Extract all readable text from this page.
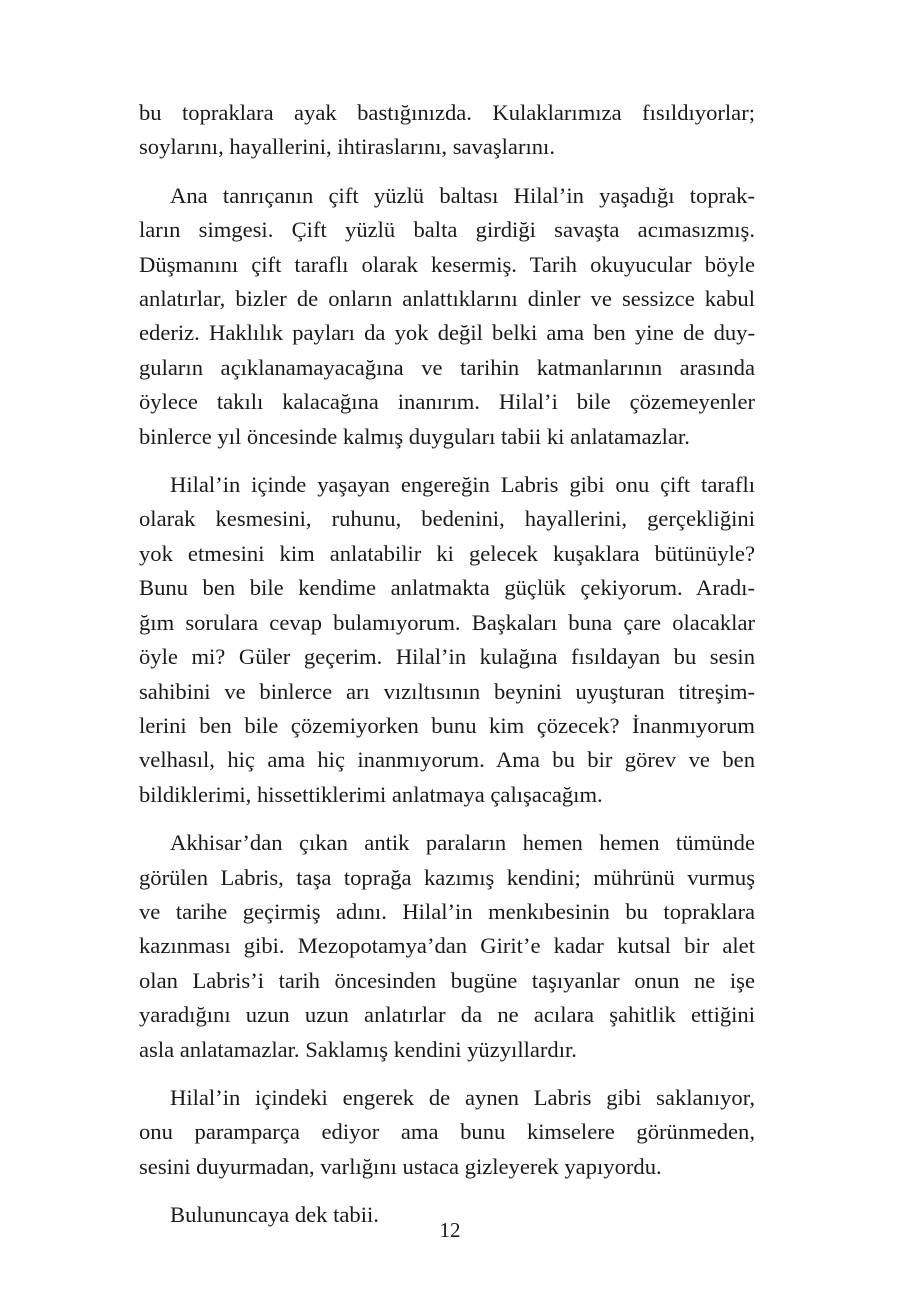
bu topraklara ayak bastığınızda. Kulaklarımıza fısıldıyorlar;
soylarını, hayallerini, ihtiraslarını, savaşlarını.
Ana tanrıçanın çift yüzlü baltası Hilal’in yaşadığı toprak-
ların simgesi. Çift yüzlü balta girdiği savaşta acımasızmış.
Düşmanını çift taraflı olarak kesermiş. Tarih okuyucular böyle
anlatırlar, bizler de onların anlattıklarını dinler ve sessizce kabul
ederiz. Haklılık payları da yok değil belki ama ben yine de duy-
guların açıklanamayacağına ve tarihin katmanlarının arasında
öylece takılı kalacağına inanırım. Hilal’i bile çözemeyenler
binlerce yıl öncesinde kalmış duyguları tabii ki anlatamazlar.
Hilal’in içinde yaşayan engereğin Labris gibi onu çift taraflı
olarak kesmesini, ruhunu, bedenini, hayallerini, gerçekliğini
yok etmesini kim anlatabilir ki gelecek kuşaklara bütünüyle?
Bunu ben bile kendime anlatmakta güçlük çekiyorum. Aradı-
ğım sorulara cevap bulamıyorum. Başkaları buna çare olacaklar
öyle mi? Güler geçerim. Hilal’in kulağına fısıldayan bu sesin
sahibini ve binlerce arı vızıltısının beynini uyuşturan titreşim-
lerini ben bile çözemiyorken bunu kim çözecek? İnanmıyorum
velhasıl, hiç ama hiç inanmıyorum. Ama bu bir görev ve ben
bildiklerimi, hissettiklerimi anlatmaya çalışacağım.
Akhisar’dan çıkan antik paraların hemen hemen tümünde
görülen Labris, taşa toprağa kazımış kendini; mührünü vurmuş
ve tarihe geçirmiş adını. Hilal’in menkıbesinin bu topraklara
kazınması gibi. Mezopotamya’dan Girit’e kadar kutsal bir alet
olan Labris’i tarih öncesinden bugüne taşıyanlar onun ne işe
yaradığını uzun uzun anlatırlar da ne acılara şahitlik ettiğini
asla anlatamazlar. Saklamış kendini yüzyıllardır.
Hilal’in içindeki engerek de aynen Labris gibi saklanıyor,
onu paramparça ediyor ama bunu kimselere görünmeden,
sesini duyurmadan, varlığını ustaca gizleyerek yapıyordu.
Bulununcaya dek tabii.
12
